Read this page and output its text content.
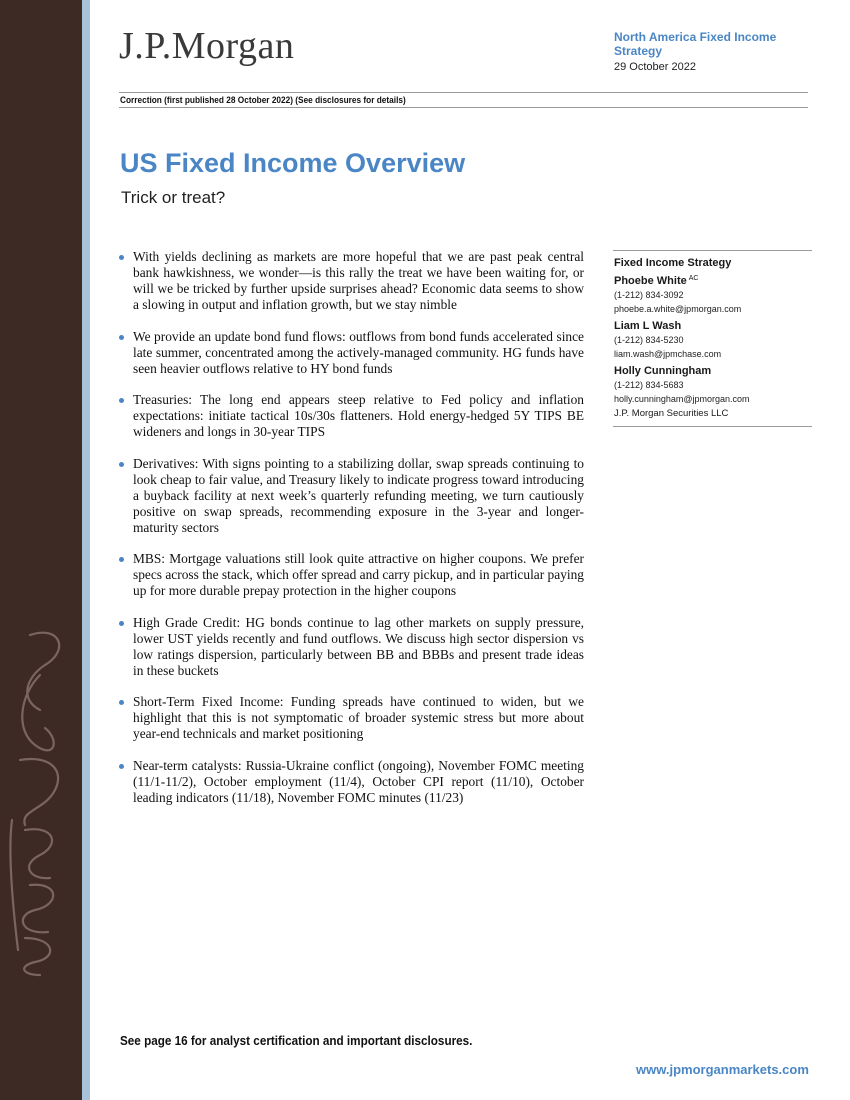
J.P.Morgan	North America Fixed Income Strategy
29 October 2022
Correction (first published 28 October 2022) (See disclosures for details)
US Fixed Income Overview
Trick or treat?
With yields declining as markets are more hopeful that we are past peak central bank hawkishness, we wonder—is this rally the treat we have been waiting for, or will we be tricked by further upside surprises ahead? Economic data seems to show a slowing in output and inflation growth, but we stay nimble
We provide an update bond fund flows: outflows from bond funds accelerated since late summer, concentrated among the actively-managed community. HG funds have seen heavier outflows relative to HY bond funds
Treasuries: The long end appears steep relative to Fed policy and inflation expectations: initiate tactical 10s/30s flatteners. Hold energy-hedged 5Y TIPS BE wideners and longs in 30-year TIPS
Derivatives: With signs pointing to a stabilizing dollar, swap spreads continuing to look cheap to fair value, and Treasury likely to indicate progress toward introducing a buyback facility at next week’s quarterly refunding meeting, we turn cautiously positive on swap spreads, recommending exposure in the 3-year and longer-maturity sectors
MBS: Mortgage valuations still look quite attractive on higher coupons. We prefer specs across the stack, which offer spread and carry pickup, and in particular paying up for more durable prepay protection in the higher coupons
High Grade Credit: HG bonds continue to lag other markets on supply pressure, lower UST yields recently and fund outflows. We discuss high sector dispersion vs low ratings dispersion, particularly between BB and BBBs and present trade ideas in these buckets
Short-Term Fixed Income: Funding spreads have continued to widen, but we highlight that this is not symptomatic of broader systemic stress but more about year-end technicals and market positioning
Near-term catalysts: Russia-Ukraine conflict (ongoing), November FOMC meeting (11/1-11/2), October employment (11/4), October CPI report (11/10), October leading indicators (11/18), November FOMC minutes (11/23)
Fixed Income Strategy
Phoebe White $^{AC}$
(1-212) 834-3092
phoebe.a.white@jpmorgan.com
Liam L Wash
(1-212) 834-5230
liam.wash@jpmchase.com
Holly Cunningham
(1-212) 834-5683
holly.cunningham@jpmorgan.com
J.P. Morgan Securities LLC
See page 16 for analyst certification and important disclosures.
www.jpmorganmarkets.com
